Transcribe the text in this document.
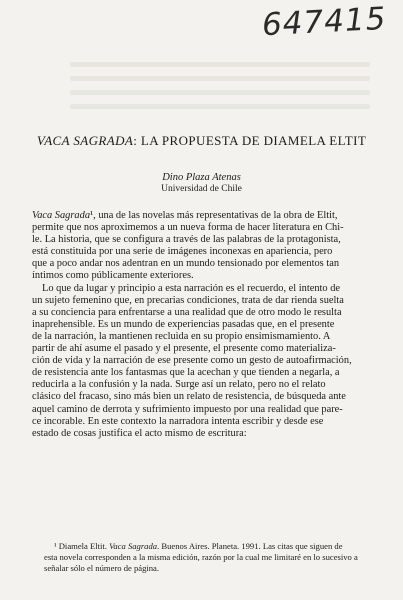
647415
VACA SAGRADA: LA PROPUESTA DE DIAMELA ELTIT
Dino Plaza Atenas
Universidad de Chile
Vaca Sagrada¹, una de las novelas más representativas de la obra de Eltit,
permite que nos aproximemos a un nueva forma de hacer literatura en Chi-
le. La historia, que se configura a través de las palabras de la protagonista,
está constituida por una serie de imágenes inconexas en apariencia, pero
que a poco andar nos adentran en un mundo tensionado por elementos tan
íntimos como públicamente exteriores.
Lo que da lugar y principio a esta narración es el recuerdo, el intento de
un sujeto femenino que, en precarias condiciones, trata de dar rienda suelta
a su conciencia para enfrentarse a una realidad que de otro modo le resulta
inaprehensible. Es un mundo de experiencias pasadas que, en el presente
de la narración, la mantienen recluida en su propio ensimismamiento. A
partir de ahí asume el pasado y el presente, el presente como materializa-
ción de vida y la narración de ese presente como un gesto de autoafirmación,
de resistencia ante los fantasmas que la acechan y que tienden a negarla, a
reducirla a la confusión y la nada. Surge así un relato, pero no el relato
clásico del fracaso, sino más bien un relato de resistencia, de búsqueda ante
aquel camino de derrota y sufrimiento impuesto por una realidad que pare-
ce incorable. En este contexto la narradora intenta escribir y desde ese
estado de cosas justifica el acto mismo de escritura:
¹ Diamela Eltit. Vaca Sagrada. Buenos Aires. Planeta. 1991. Las citas que siguen de
esta novela corresponden a la misma edición, razón por la cual me limitaré en lo sucesivo a
señalar sólo el número de página.
